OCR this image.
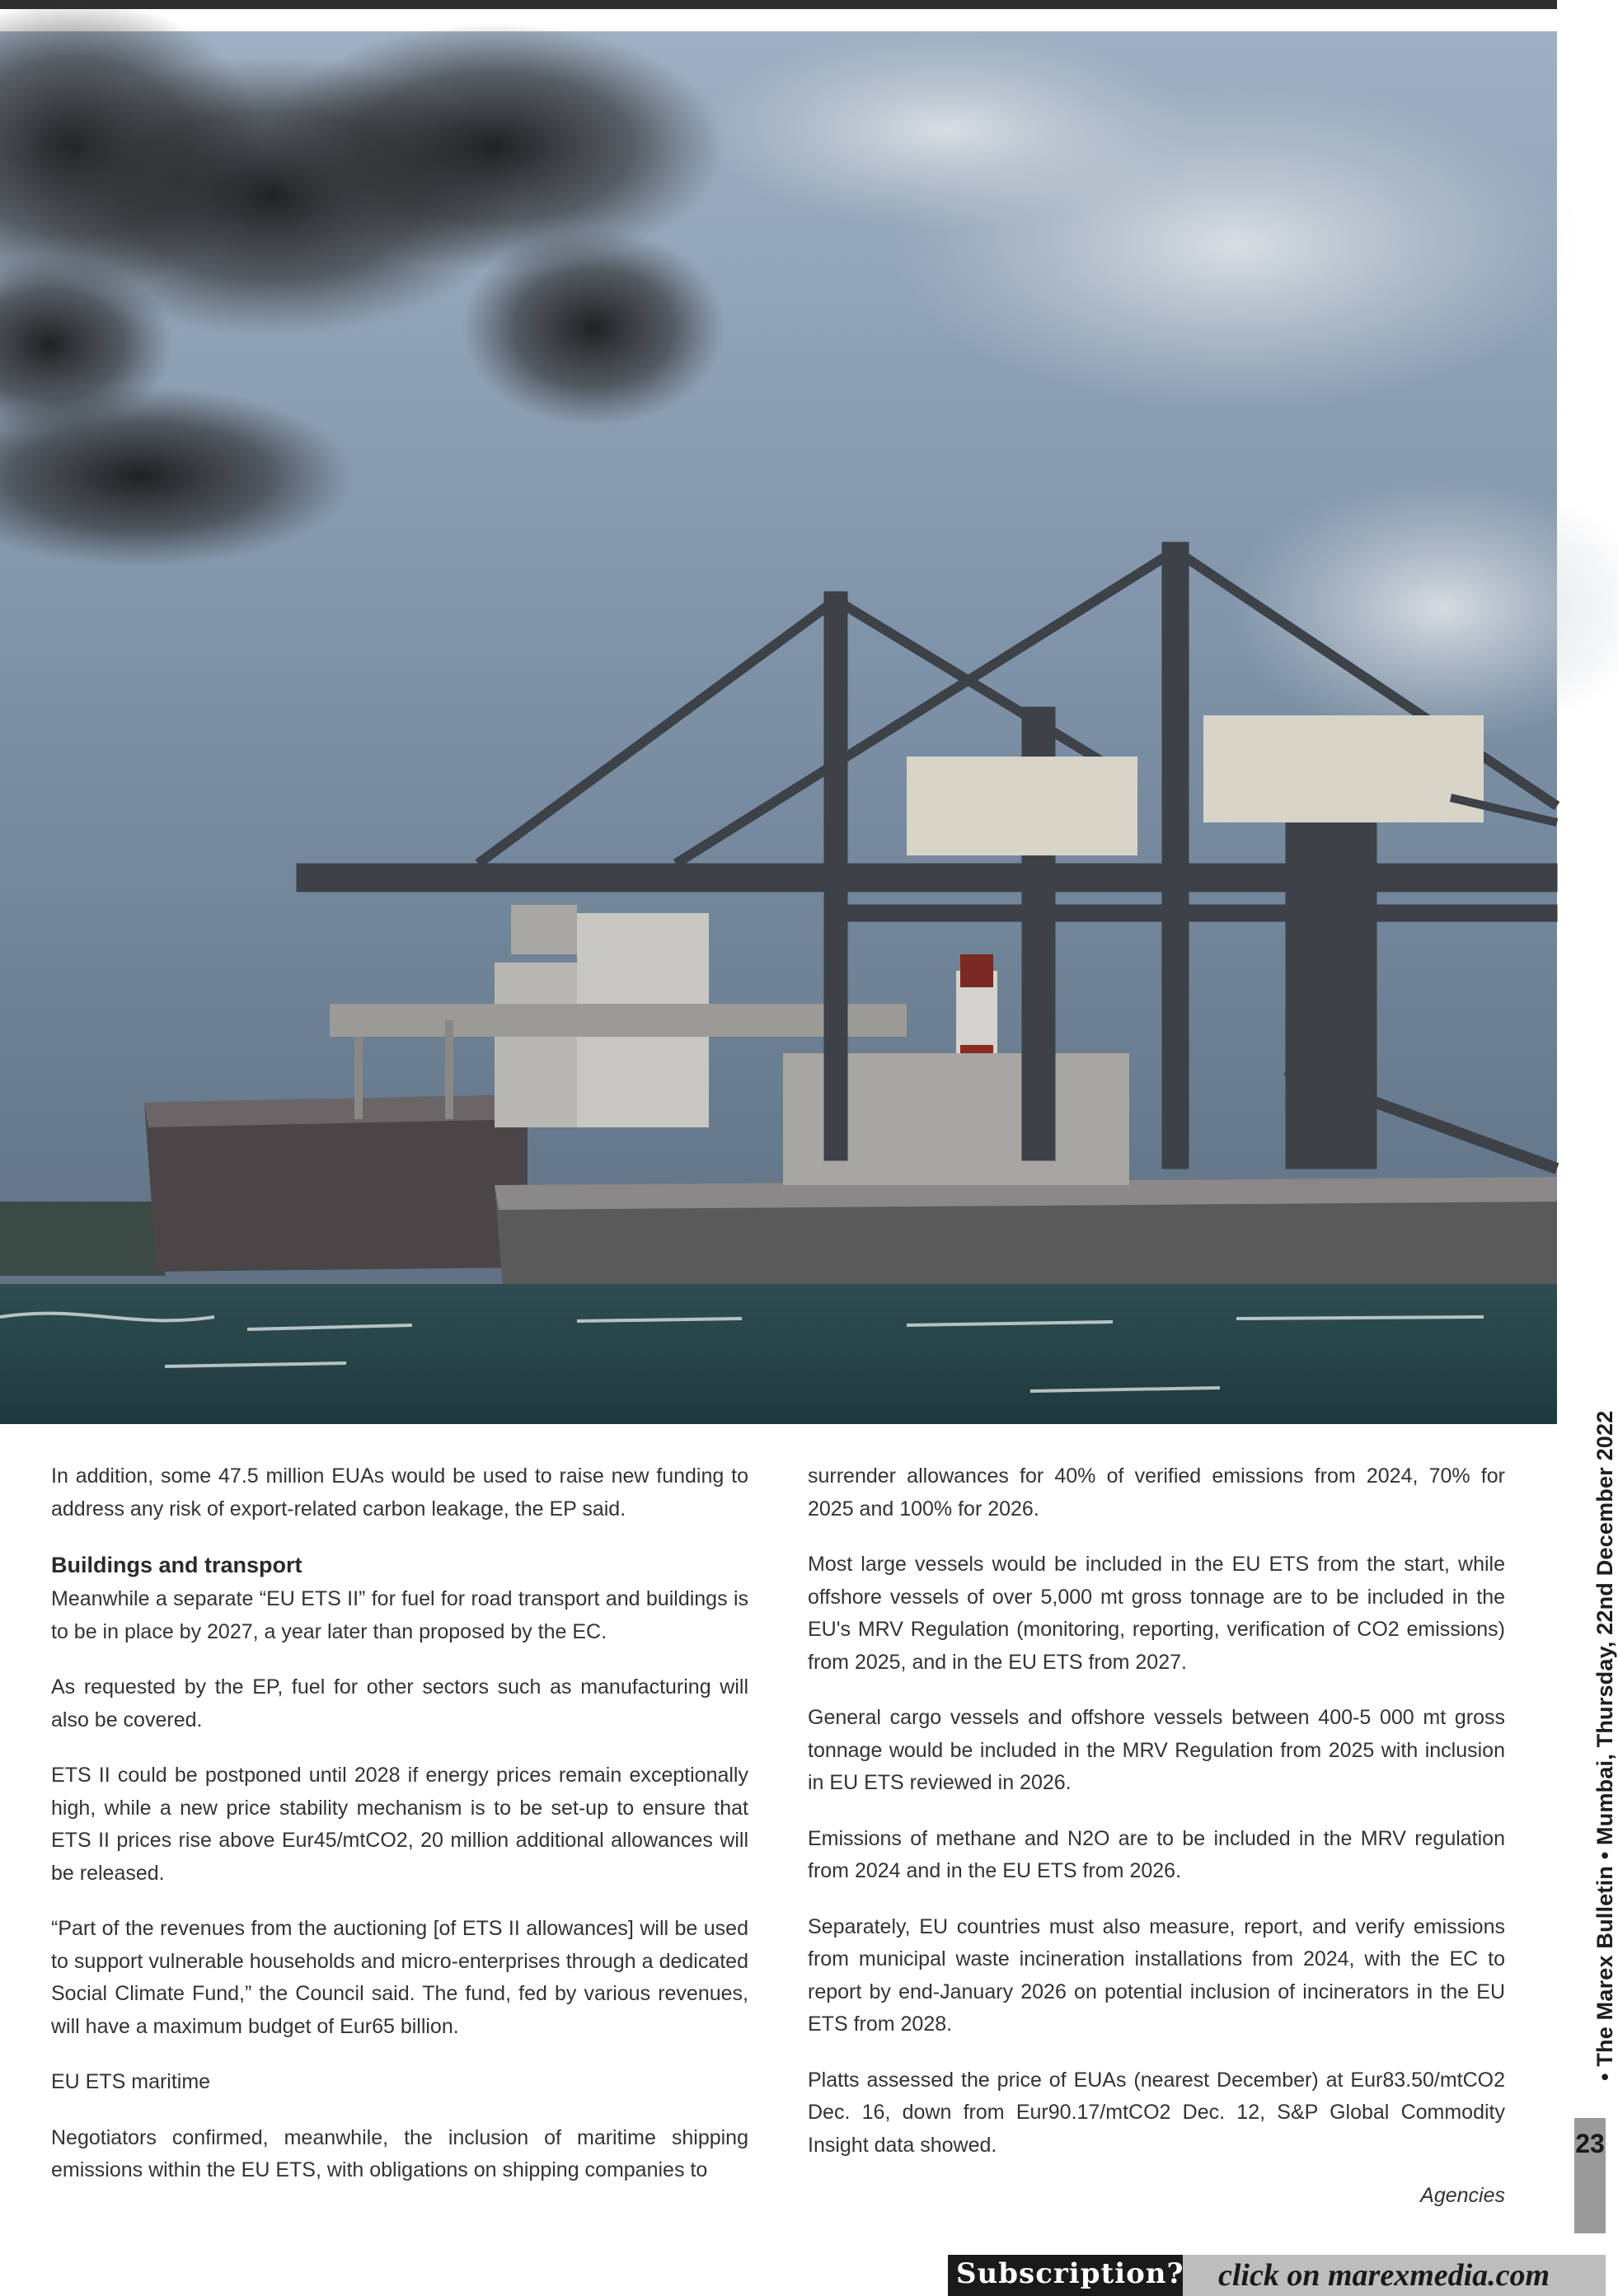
In addition, some 47.5 million EUAs would be used to raise new funding to address any risk of export-related carbon leakage, the EP said.

Buildings and transport

Meanwhile a separate “EU ETS II” for fuel for road transport and buildings is to be in place by 2027, a year later than proposed by the EC.

As requested by the EP, fuel for other sectors such as manufacturing will also be covered.

ETS II could be postponed until 2028 if energy prices remain exceptionally high, while a new price stability mechanism is to be set-up to ensure that ETS II prices rise above Eur45/mtCO2, 20 million additional allowances will be released.

“Part of the revenues from the auctioning [of ETS II allowances] will be used to support vulnerable households and micro-enterprises through a dedicated Social Climate Fund,” the Council said. The fund, fed by various revenues, will have a maximum budget of Eur65 billion.

EU ETS maritime

Negotiators confirmed, meanwhile, the inclusion of maritime shipping emissions within the EU ETS, with obligations on shipping companies to

surrender allowances for 40% of verified emissions from 2024, 70% for 2025 and 100% for 2026.

Most large vessels would be included in the EU ETS from the start, while offshore vessels of over 5,000 mt gross tonnage are to be included in the EU's MRV Regulation (monitoring, reporting, verification of CO2 emissions) from 2025, and in the EU ETS from 2027.

General cargo vessels and offshore vessels between 400-5 000 mt gross tonnage would be included in the MRV Regulation from 2025 with inclusion in EU ETS reviewed in 2026.

Emissions of methane and N2O are to be included in the MRV regulation from 2024 and in the EU ETS from 2026.

Separately, EU countries must also measure, report, and verify emissions from municipal waste incineration installations from 2024, with the EC to report by end-January 2026 on potential inclusion of incinerators in the EU ETS from 2028.

Platts assessed the price of EUAs (nearest December) at Eur83.50/mtCO2 Dec. 16, down from Eur90.17/mtCO2 Dec. 12, S&P Global Commodity Insight data showed.

Agencies

• The Marex Bulletin • Mumbai, Thursday, 22nd December 2022
23
Subscription? click on marexmedia.com
